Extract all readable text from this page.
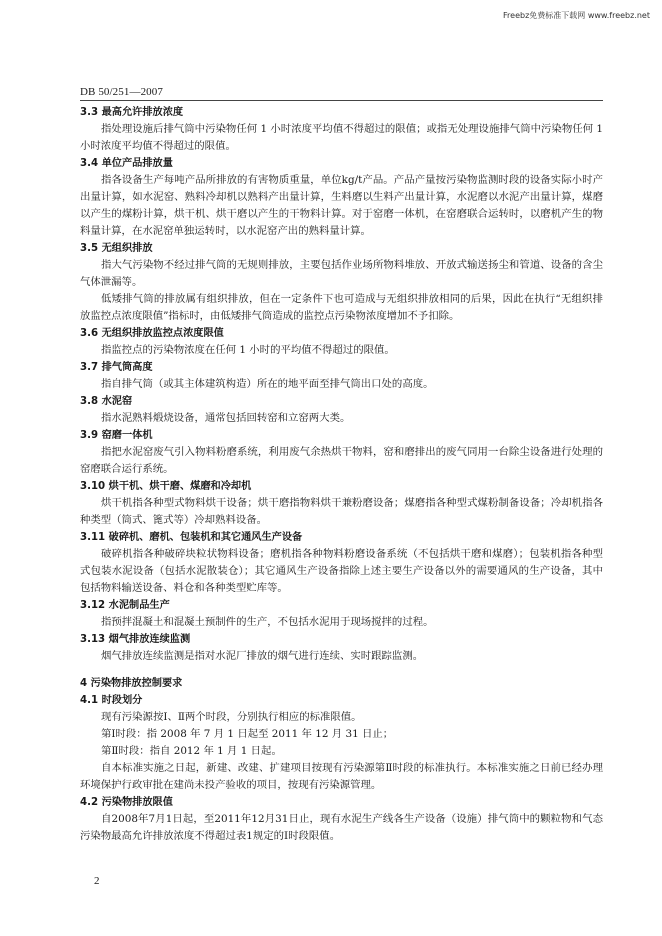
Freebz免费标准下载网 www.freebz.net
DB 50/251—2007
3.3 最高允许排放浓度

指处理设施后排气筒中污染物任何 1 小时浓度平均值不得超过的限值；或指无处理设施排气筒中污染物任何 1 小时浓度平均值不得超过的限值。

3.4 单位产品排放量

指各设备生产每吨产品所排放的有害物质重量，单位kg/t产品。产品产量按污染物监测时段的设备实际小时产出量计算，如水泥窑、熟料冷却机以熟料产出量计算，生料磨以生料产出量计算，水泥磨以水泥产出量计算，煤磨以产生的煤粉计算，烘干机、烘干磨以产生的干物料计算。对于窑磨一体机，在窑磨联合运转时，以磨机产生的物料量计算，在水泥窑单独运转时，以水泥窑产出的熟料量计算。

3.5 无组织排放

指大气污染物不经过排气筒的无规则排放，主要包括作业场所物料堆放、开放式输送扬尘和管道、设备的含尘气体泄漏等。

低矮排气筒的排放属有组织排放，但在一定条件下也可造成与无组织排放相同的后果，因此在执行“无组织排放监控点浓度限值”指标时，由低矮排气筒造成的监控点污染物浓度增加不予扣除。

3.6 无组织排放监控点浓度限值

指监控点的污染物浓度在任何 1 小时的平均值不得超过的限值。

3.7 排气筒高度

指自排气筒（或其主体建筑构造）所在的地平面至排气筒出口处的高度。

3.8 水泥窑

指水泥熟料煅烧设备，通常包括回转窑和立窑两大类。

3.9 窑磨一体机

指把水泥窑废气引入物料粉磨系统，利用废气余热烘干物料，窑和磨排出的废气同用一台除尘设备进行处理的窑磨联合运行系统。

3.10 烘干机、烘干磨、煤磨和冷却机

烘干机指各种型式物料烘干设备；烘干磨指物料烘干兼粉磨设备；煤磨指各种型式煤粉制备设备；冷却机指各种类型（筒式、篦式等）冷却熟料设备。

3.11 破碎机、磨机、包装机和其它通风生产设备

破碎机指各种破碎块粒状物料设备；磨机指各种物料粉磨设备系统（不包括烘干磨和煤磨）；包装机指各种型式包装水泥设备（包括水泥散装仓）；其它通风生产设备指除上述主要生产设备以外的需要通风的生产设备，其中包括物料输送设备、料仓和各种类型贮库等。

3.12 水泥制品生产

指预拌混凝土和混凝土预制件的生产，不包括水泥用于现场搅拌的过程。

3.13 烟气排放连续监测

烟气排放连续监测是指对水泥厂排放的烟气进行连续、实时跟踪监测。

4 污染物排放控制要求
4.1 时段划分

现有污染源按Ⅰ、Ⅱ两个时段，分别执行相应的标准限值。

第Ⅰ时段：指 2008 年 7 月 1 日起至 2011 年 12 月 31 日止；

第Ⅱ时段：指自 2012 年 1 月 1 日起。

自本标准实施之日起，新建、改建、扩建项目按现有污染源第Ⅱ时段的标准执行。本标准实施之日前已经办理环境保护行政审批在建尚未投产验收的项目，按现有污染源管理。

4.2 污染物排放限值

自2008年7月1日起，至2011年12月31日止，现有水泥生产线各生产设备（设施）排气筒中的颗粒物和气态污染物最高允许排放浓度不得超过表1规定的Ⅰ时段限值。

2
